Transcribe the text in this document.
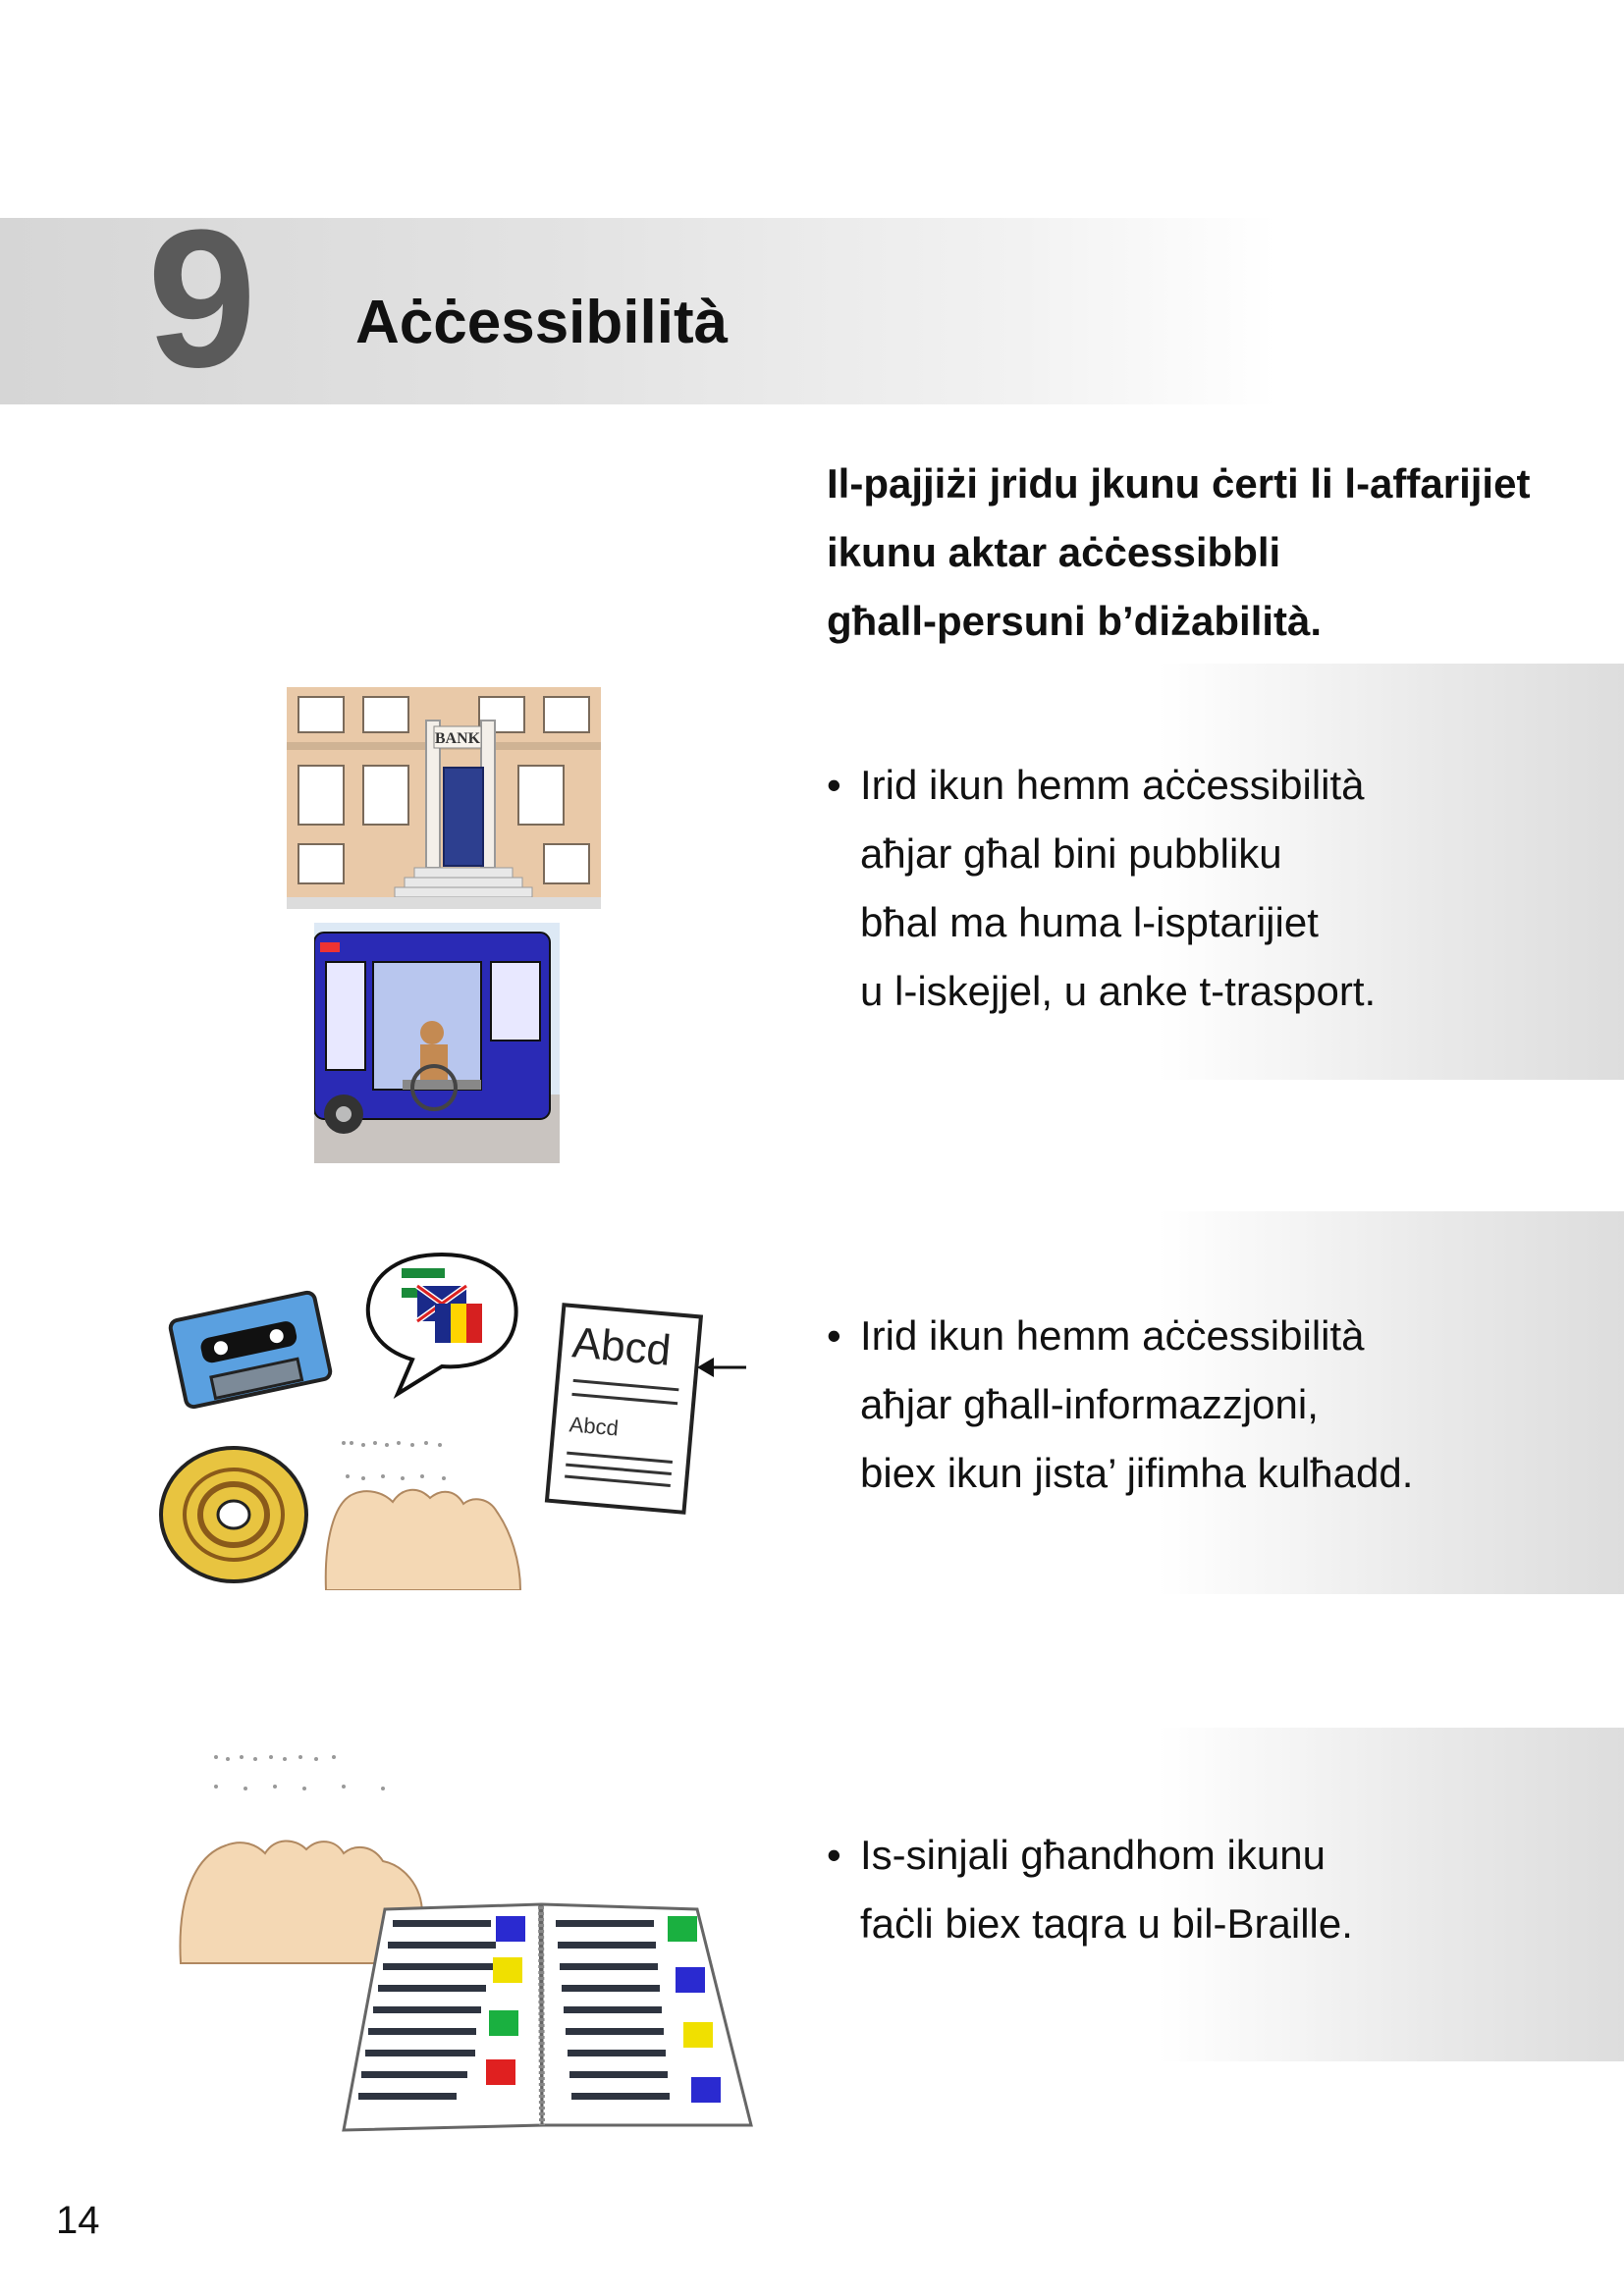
9 Aċċessibilità
Il-pajjiżi jridu jkunu ċerti li l-affarijiet
ikunu aktar aċċessibbli
għall-persuni b’diżabilità.
• Irid ikun hemm aċċessibilità
aħjar għal bini pubbliku
bħal ma huma l-isptarijiet
u l-iskejjel, u anke t-trasport.
• Irid ikun hemm aċċessibilità
aħjar għall-informazzjoni,
biex ikun jista’ jifimha kulħadd.
• Is-sinjali għandhom ikunu
faċli biex taqra u bil-Braille.
BANK
Abcd
Abcd
14
